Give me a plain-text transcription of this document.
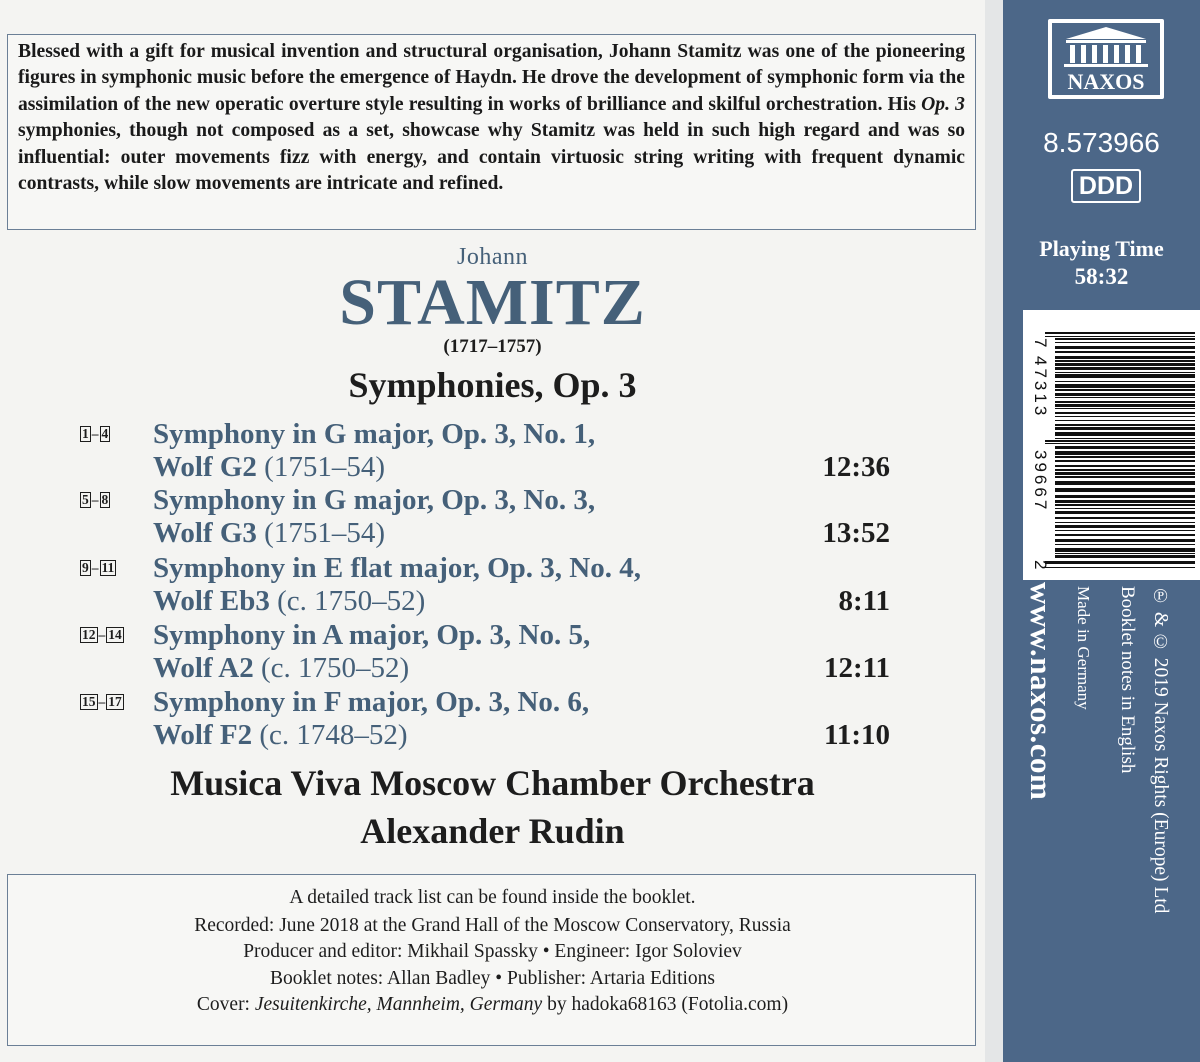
Blessed with a gift for musical invention and structural organisation, Johann Stamitz was one of the pioneering figures in symphonic music before the emergence of Haydn. He drove the development of symphonic form via the assimilation of the new operatic overture style resulting in works of brilliance and skilful orchestration. His Op. 3 symphonies, though not composed as a set, showcase why Stamitz was held in such high regard and was so influential: outer movements fizz with energy, and contain virtuosic string writing with frequent dynamic contrasts, while slow movements are intricate and refined.

Johann
STAMITZ
(1717–1757)
Symphonies, Op. 3
1 – 4 Symphony in G major, Op. 3, No. 1,
Wolf G2 (1751–54)	12:36
5 – 8 Symphony in G major, Op. 3, No. 3,
Wolf G3 (1751–54)	13:52
9 – 11 Symphony in E flat major, Op. 3, No. 4,
Wolf Eb3 (c. 1750–52)	8:11
12 – 14 Symphony in A major, Op. 3, No. 5,
Wolf A2 (c. 1750–52)	12:11
15 – 17 Symphony in F major, Op. 3, No. 6,
Wolf F2 (c. 1748–52)	11:10
Musica Viva Moscow Chamber Orchestra
Alexander Rudin
A detailed track list can be found inside the booklet.
Recorded: June 2018 at the Grand Hall of the Moscow Conservatory, Russia
Producer and editor: Mikhail Spassky • Engineer: Igor Soloviev
Booklet notes: Allan Badley • Publisher: Artaria Editions
Cover: Jesuitenkirche, Mannheim, Germany by hadoka68163 (Fotolia.com)
NAXOS
8.573966
DDD
Playing Time
58:32
7
47313
39667
2
www.naxos.com Made in Germany Booklet notes in English ℗ & © 2019 Naxos Rights (Europe) Ltd
